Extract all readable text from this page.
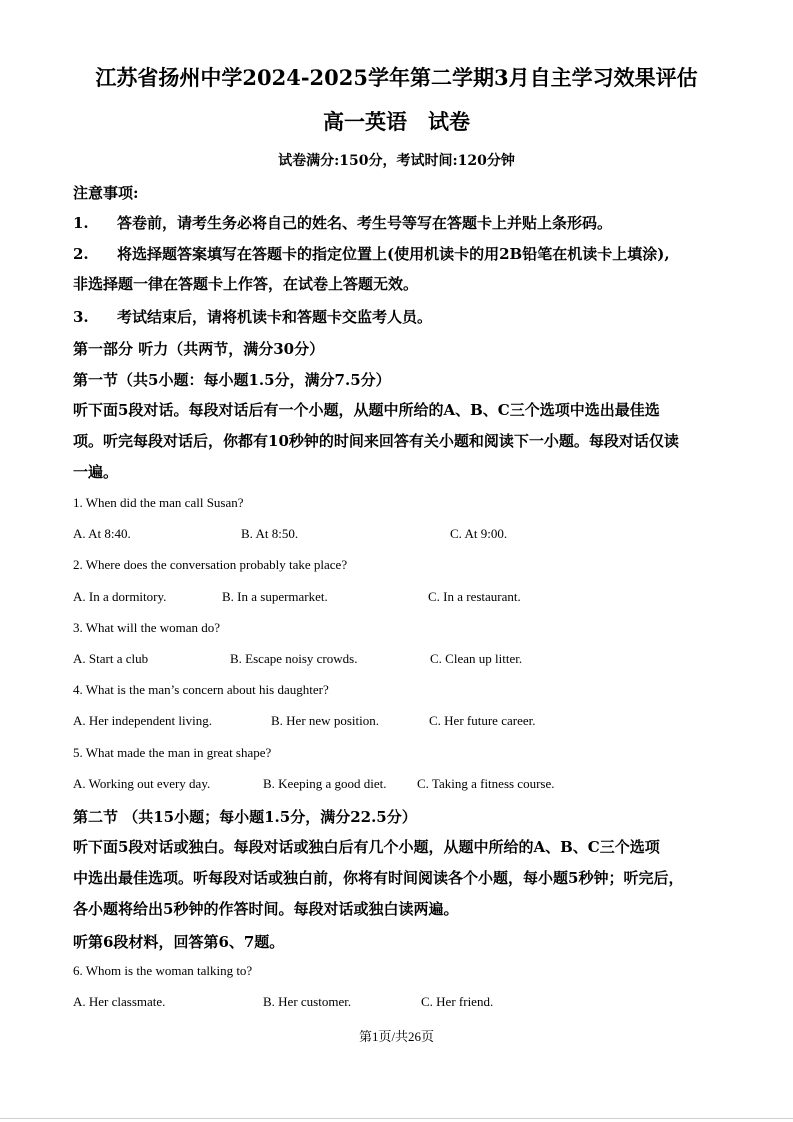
江苏省扬州中学2024-2025学年第二学期3月自主学习效果评估
高一英语　试卷
试卷满分:150分，考试时间:120分钟
注意事项:
1. 答卷前，请考生务必将自己的姓名、考生号等写在答题卡上并贴上条形码。
2. 将选择题答案填写在答题卡的指定位置上(使用机读卡的用2B铅笔在机读卡上填涂),
非选择题一律在答题卡上作答，在试卷上答题无效。
3. 考试结束后，请将机读卡和答题卡交监考人员。
第一部分 听力（共两节，满分30分）
第一节（共5小题：每小题1.5分，满分7.5分）
听下面5段对话。每段对话后有一个小题，从题中所给的A、B、C三个选项中选出最佳选
项。听完每段对话后，你都有10秒钟的时间来回答有关小题和阅读下一小题。每段对话仅读
一遍。
1. When did the man call Susan?
A. At 8:40.	B. At 8:50.	C. At 9:00.
2. Where does the conversation probably take place?
A. In a dormitory.	B. In a supermarket.	C. In a restaurant.
3. What will the woman do?
A. Start a club	B. Escape noisy crowds.	C. Clean up litter.
4. What is the man’s concern about his daughter?
A. Her independent living.	B. Her new position.	C. Her future career.
5. What made the man in great shape?
A. Working out every day.	B. Keeping a good diet. C. Taking a fitness course.
第二节 （共15小题；每小题1.5分，满分22.5分）
听下面5段对话或独白。每段对话或独白后有几个小题，从题中所给的A、B、C三个选项
中选出最佳选项。听每段对话或独白前，你将有时间阅读各个小题，每小题5秒钟；听完后，
各小题将给出5秒钟的作答时间。每段对话或独白读两遍。
听第6段材料，回答第6、7题。
6. Whom is the woman talking to?
A. Her classmate.	B. Her customer.	C. Her friend.
第1页/共26页
